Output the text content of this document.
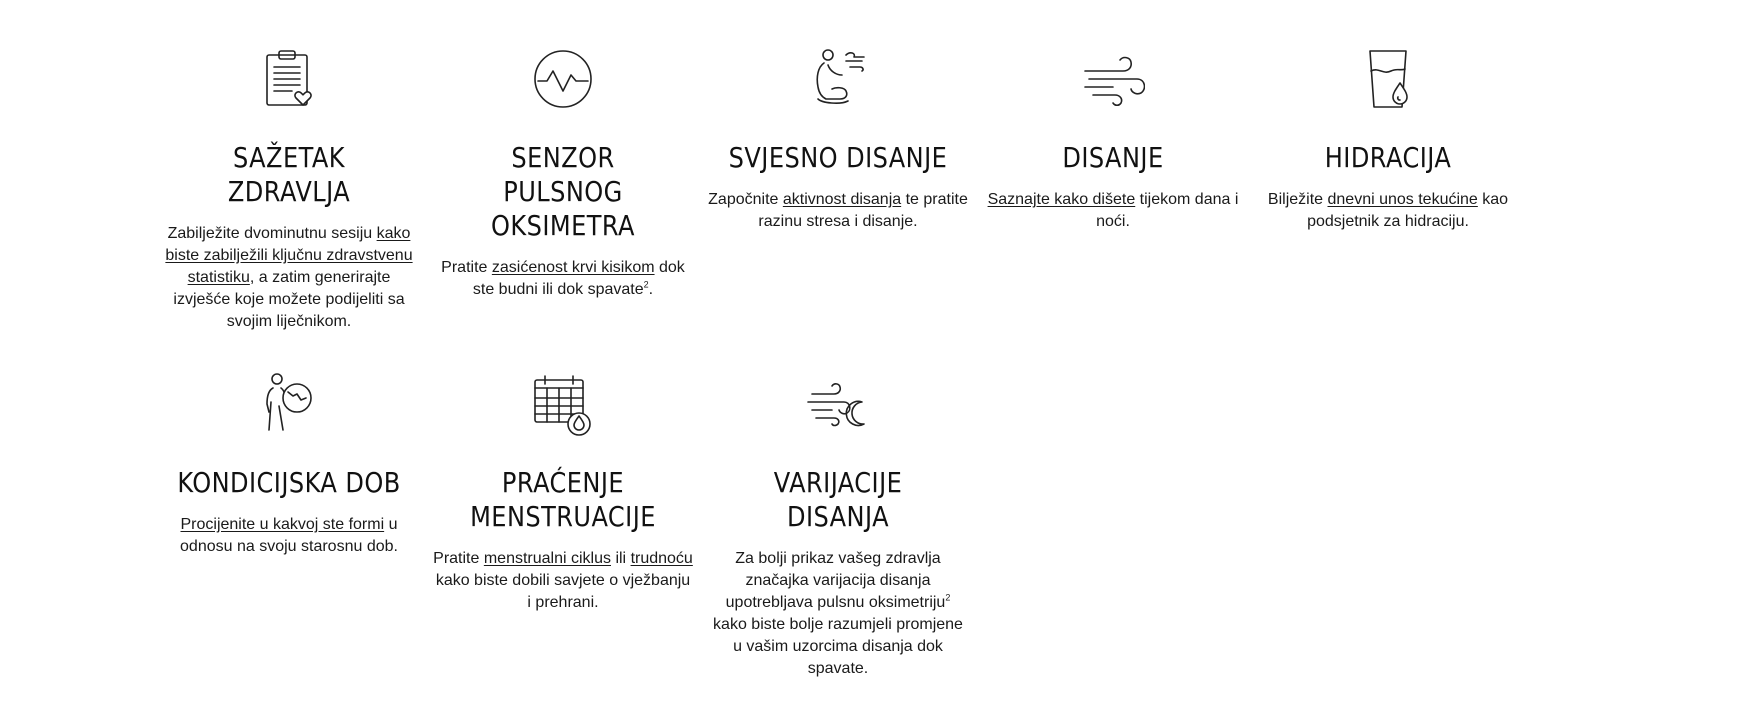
SAŽETAK ZDRAVLJA

Zabilježite dvominutnu sesiju kako biste zabilježili ključnu zdravstvenu statistiku, a zatim generirajte izvješće koje možete podijeliti sa svojim liječnikom.

SENZOR PULSNOG OKSIMETRA

Pratite zasićenost krvi kisikom dok ste budni ili dok spavate$^2$.

SVJESNO DISANJE

Započnite aktivnost disanja te pratite razinu stresa i disanje.

DISANJE

Saznajte kako dišete tijekom dana i noći.

HIDRACIJA

Bilježite dnevni unos tekućine kao podsjetnik za hidraciju.

KONDICIJSKA DOB

Procijenite u kakvoj ste formi u odnosu na svoju starosnu dob.

PRAĆENJE MENSTRUACIJE

Pratite menstrualni ciklus ili trudnoću kako biste dobili savjete o vježbanju i prehrani.

VARIJACIJE DISANJA

Za bolji prikaz vašeg zdravlja značajka varijacija disanja upotrebljava pulsnu oksimetriju$^2$ kako biste bolje razumjeli promjene u vašim uzorcima disanja dok spavate.
